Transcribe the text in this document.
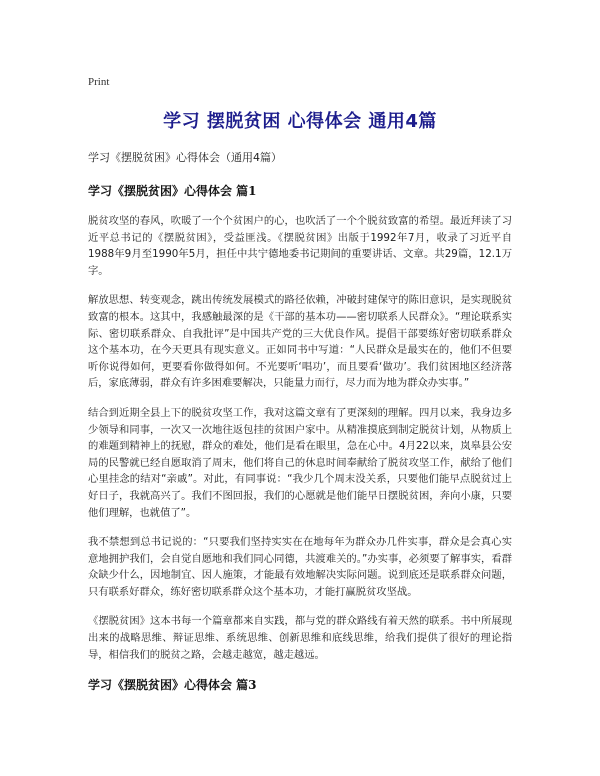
Print
学习 摆脱贫困 心得体会 通用4篇
学习《摆脱贫困》心得体会（通用4篇）
学习《摆脱贫困》心得体会 篇1

脱贫攻坚的春风，吹暖了一个个贫困户的心，也吹活了一个个脱贫致富的希望。最近拜读了习近平总书记的《摆脱贫困》，受益匪浅。《摆脱贫困》出版于1992年7月，收录了习近平自1988年9月至1990年5月，担任中共宁德地委书记期间的重要讲话、文章。共29篇，12.1万字。

解放思想、转变观念，跳出传统发展模式的路径依赖，冲破封建保守的陈旧意识，是实现脱贫致富的根本。这其中，我感触最深的是《干部的基本功——密切联系人民群众》。“理论联系实际、密切联系群众、自我批评”是中国共产党的三大优良作风。提倡干部要练好密切联系群众这个基本功，在今天更具有现实意义。正如同书中写道：“人民群众是最实在的，他们不但要听你说得如何，更要看你做得如何。不光要听‘唱功’，而且要看‘做功’。我们贫困地区经济落后，家底薄弱，群众有许多困难要解决，只能量力而行，尽力而为地为群众办实事。”

结合到近期全县上下的脱贫攻坚工作，我对这篇文章有了更深刻的理解。四月以来，我身边多少领导和同事，一次又一次地往返包挂的贫困户家中。从精准摸底到制定脱贫计划，从物质上的难题到精神上的抚慰，群众的难处，他们是看在眼里，急在心中。4月22以来，岚皋县公安局的民警就已经自愿取消了周末，他们将自己的休息时间奉献给了脱贫攻坚工作，献给了他们心里挂念的结对“亲戚”。对此，有同事说：“我少几个周末没关系，只要他们能早点脱贫过上好日子，我就高兴了。我们不图回报，我们的心愿就是他们能早日摆脱贫困，奔向小康，只要他们理解，也就值了”。

我不禁想到总书记说的：“只要我们坚持实实在在地每年为群众办几件实事，群众是会真心实意地拥护我们，会自觉自愿地和我们同心同德，共渡难关的。”办实事，必须要了解事实，看群众缺少什么，因地制宜、因人施策，才能最有效地解决实际问题。说到底还是联系群众问题，只有联系好群众，练好密切联系群众这个基本功，才能打赢脱贫攻坚战。

《摆脱贫困》这本书每一个篇章都来自实践，都与党的群众路线有着天然的联系。书中所展现出来的战略思维、辩证思维、系统思维、创新思维和底线思维，给我们提供了很好的理论指导，相信我们的脱贫之路，会越走越宽，越走越远。

学习《摆脱贫困》心得体会 篇3
